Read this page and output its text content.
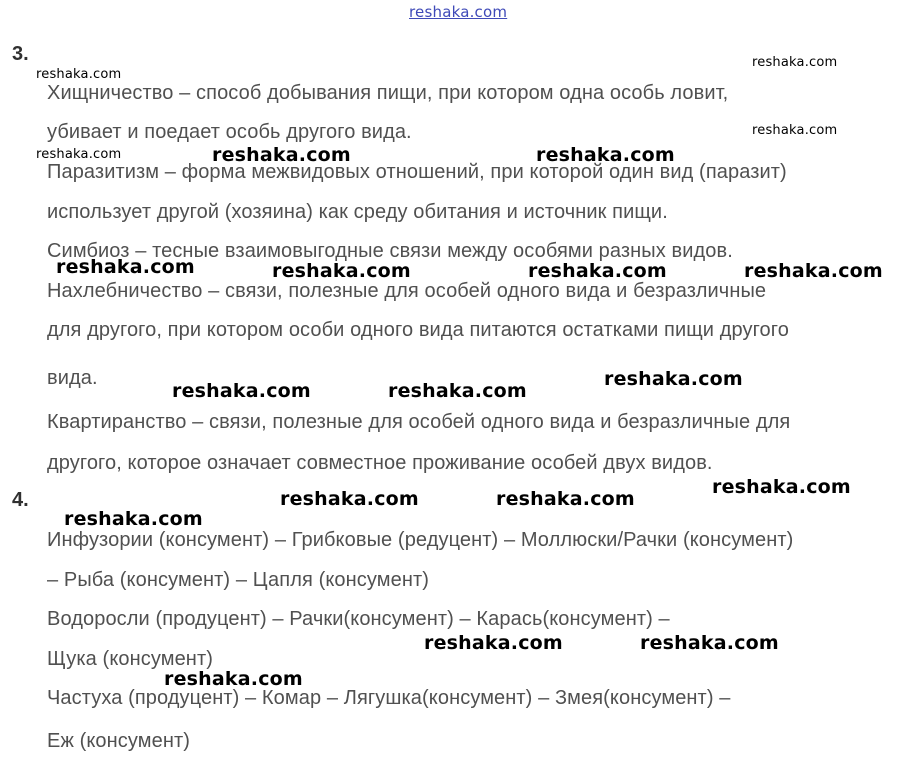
reshaka.com
3.
Хищничество – способ добывания пищи, при котором одна особь ловит,
убивает и поедает особь другого вида.
Паразитизм – форма межвидовых отношений, при которой один вид (паразит)
использует другой (хозяина) как среду обитания и источник пищи.
Симбиоз – тесные взаимовыгодные связи между особями разных видов.
Нахлебничество – связи, полезные для особей одного вида и безразличные
для другого, при котором особи одного вида питаются остатками пищи другого
вида.
Квартиранство – связи, полезные для особей одного вида и безразличные для
другого, которое означает совместное проживание особей двух видов.
4.
Инфузории (консумент) – Грибковые (редуцент) – Моллюски/Рачки (консумент)
– Рыба (консумент) – Цапля (консумент)
Водоросли (продуцент) – Рачки(консумент) – Карась(консумент) –
Щука (консумент)
Частуха (продуцент) – Комар – Лягушка(консумент) – Змея(консумент) –
Еж (консумент)
reshaka.com
reshaka.com
reshaka.com
reshaka.com	reshaka.com	reshaka.com
reshaka.com	reshaka.com	reshaka.com	reshaka.com
reshaka.com	reshaka.com
reshaka.com
reshaka.com	reshaka.com
reshaka.com
reshaka.com
reshaka.com	reshaka.com
reshaka.com
